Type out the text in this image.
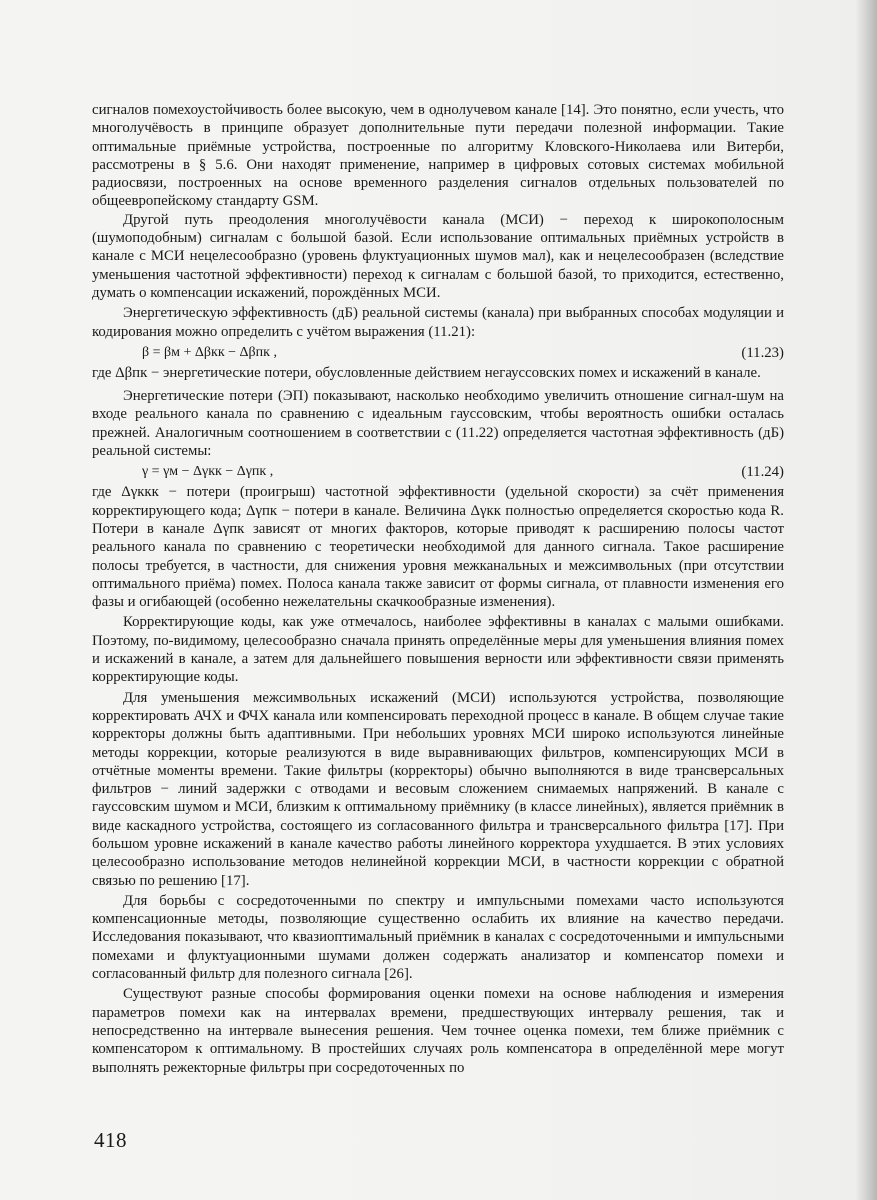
сигналов помехоустойчивость более высокую, чем в однолучевом канале [14]. Это понятно, если учесть, что многолучёвость в принципе образует дополнительные пути передачи полезной информации. Такие оптимальные приёмные устройства, построенные по алгоритму Кловского-Николаева или Витерби, рассмотрены в § 5.6. Они находят применение, например в цифровых сотовых системах мобильной радиосвязи, построенных на основе временного разделения сигналов отдельных пользователей по общеевропейскому стандарту GSM.

Другой путь преодоления многолучёвости канала (МСИ) − переход к широкополосным (шумоподобным) сигналам с большой базой. Если использование оптимальных приёмных устройств в канале с МСИ нецелесообразно (уровень флуктуационных шумов мал), как и нецелесообразен (вследствие уменьшения частотной эффективности) переход к сигналам с большой базой, то приходится, естественно, думать о компенсации искажений, порождённых МСИ.

Энергетическую эффективность (дБ) реальной системы (канала) при выбранных способах модуляции и кодирования можно определить с учётом выражения (11.21):

β = βм + Δβкк − Δβпк ,	(11.23)

где Δβпк − энергетические потери, обусловленные действием негауссовских помех и искажений в канале.

Энергетические потери (ЭП) показывают, насколько необходимо увеличить отношение сигнал-шум на входе реального канала по сравнению с идеальным гауссовским, чтобы вероятность ошибки осталась прежней. Аналогичным соотношением в соответствии с (11.22) определяется частотная эффективность (дБ) реальной системы:

γ = γм − Δγкк − Δγпк ,	(11.24)

где Δγккк − потери (проигрыш) частотной эффективности (удельной скорости) за счёт применения корректирующего кода; Δγпк − потери в канале. Величина Δγкк полностью определяется скоростью кода R. Потери в канале Δγпк зависят от многих факторов, которые приводят к расширению полосы частот реального канала по сравнению с теоретически необходимой для данного сигнала. Такое расширение полосы требуется, в частности, для снижения уровня межканальных и межсимвольных (при отсутствии оптимального приёма) помех. Полоса канала также зависит от формы сигнала, от плавности изменения его фазы и огибающей (особенно нежелательны скачкообразные изменения).

Корректирующие коды, как уже отмечалось, наиболее эффективны в каналах с малыми ошибками. Поэтому, по-видимому, целесообразно сначала принять определённые меры для уменьшения влияния помех и искажений в канале, а затем для дальнейшего повышения верности или эффективности связи применять корректирующие коды.

Для уменьшения межсимвольных искажений (МСИ) используются устройства, позволяющие корректировать АЧХ и ФЧХ канала или компенсировать переходной процесс в канале. В общем случае такие корректоры должны быть адаптивными. При небольших уровнях МСИ широко используются линейные методы коррекции, которые реализуются в виде выравнивающих фильтров, компенсирующих МСИ в отчётные моменты времени. Такие фильтры (корректоры) обычно выполняются в виде трансверсальных фильтров − линий задержки с отводами и весовым сложением снимаемых напряжений. В канале с гауссовским шумом и МСИ, близким к оптимальному приёмнику (в классе линейных), является приёмник в виде каскадного устройства, состоящего из согласованного фильтра и трансверсального фильтра [17]. При большом уровне искажений в канале качество работы линейного корректора ухудшается. В этих условиях целесообразно использование методов нелинейной коррекции МСИ, в частности коррекции с обратной связью по решению [17].

Для борьбы с сосредоточенными по спектру и импульсными помехами часто используются компенсационные методы, позволяющие существенно ослабить их влияние на качество передачи. Исследования показывают, что квазиоптимальный приёмник в каналах с сосредоточенными и импульсными помехами и флуктуационными шумами должен содержать анализатор и компенсатор помехи и согласованный фильтр для полезного сигнала [26].

Существуют разные способы формирования оценки помехи на основе наблюдения и измерения параметров помехи как на интервалах времени, предшествующих интервалу решения, так и непосредственно на интервале вынесения решения. Чем точнее оценка помехи, тем ближе приёмник с компенсатором к оптимальному. В простейших случаях роль компенсатора в определённой мере могут выполнять режекторные фильтры при сосредоточенных по

418
